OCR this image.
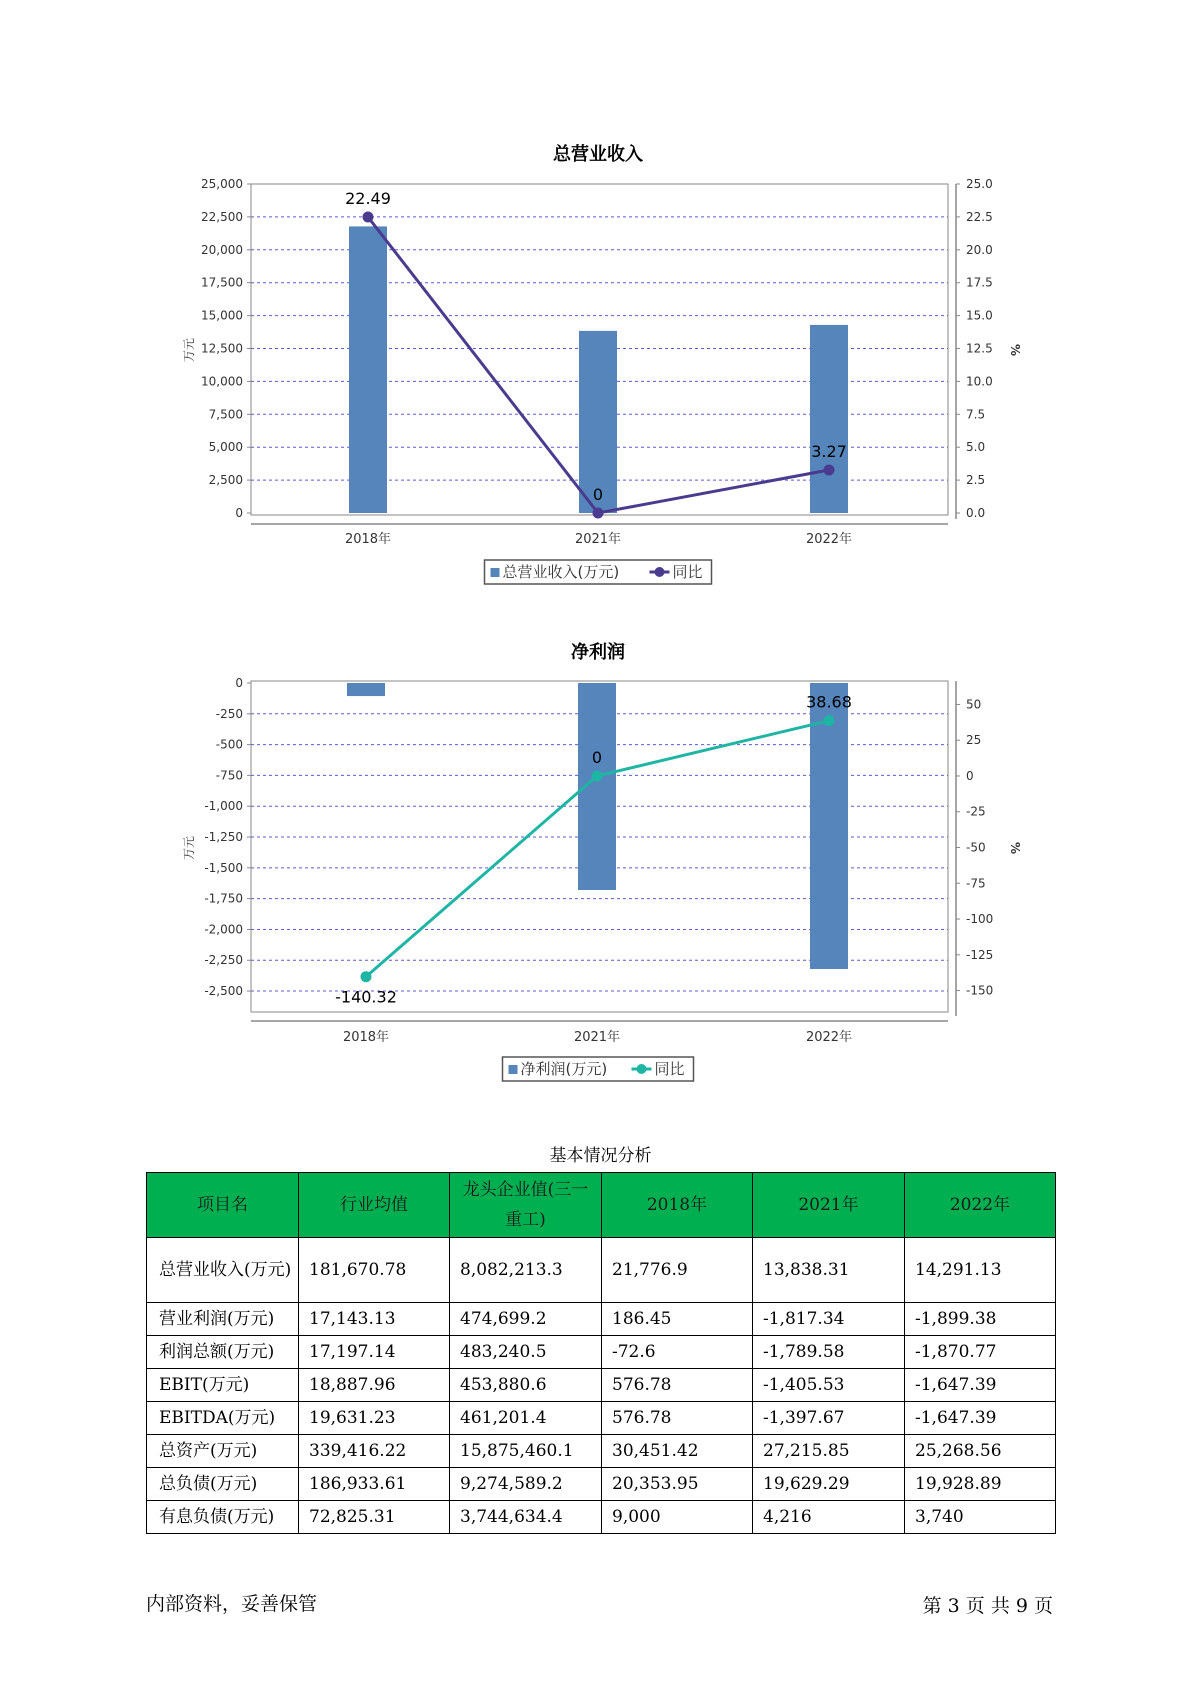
总营业收入
25,000
22,500
20,000
17,500
15,000
12,500
10,000
7,500
5,000
2,500
0
25.0
22.5
20.0
17.5
15.0
12.5
10.0
7.5
5.0
2.5
0.0
万元	%
2018年	2021年	2022年
22.49
0
3.27
总营业收入(万元)	同比
净利润
0
-250
-500
-750
-1,000
-1,250
-1,500
-1,750
-2,000
-2,250
-2,500
50
25
0
-25
-50
-75
-100
-125
-150
万元	%
2018年	2021年	2022年
-140.32
0
38.68
净利润(万元)	同比
基本情况分析
项目名	行业均值	龙头企业值(三一重工)	2018年	2021年	2022年
总营业收入(万元)	181,670.78	8,082,213.3	21,776.9	13,838.31	14,291.13
营业利润(万元)	17,143.13	474,699.2	186.45	-1,817.34	-1,899.38
利润总额(万元)	17,197.14	483,240.5	-72.6	-1,789.58	-1,870.77
EBIT(万元)	18,887.96	453,880.6	576.78	-1,405.53	-1,647.39
EBITDA(万元)	19,631.23	461,201.4	576.78	-1,397.67	-1,647.39
总资产(万元)	339,416.22	15,875,460.1	30,451.42	27,215.85	25,268.56
总负债(万元)	186,933.61	9,274,589.2	20,353.95	19,629.29	19,928.89
有息负债(万元)	72,825.31	3,744,634.4	9,000	4,216	3,740
内部资料，妥善保管	第 3 页 共 9 页
